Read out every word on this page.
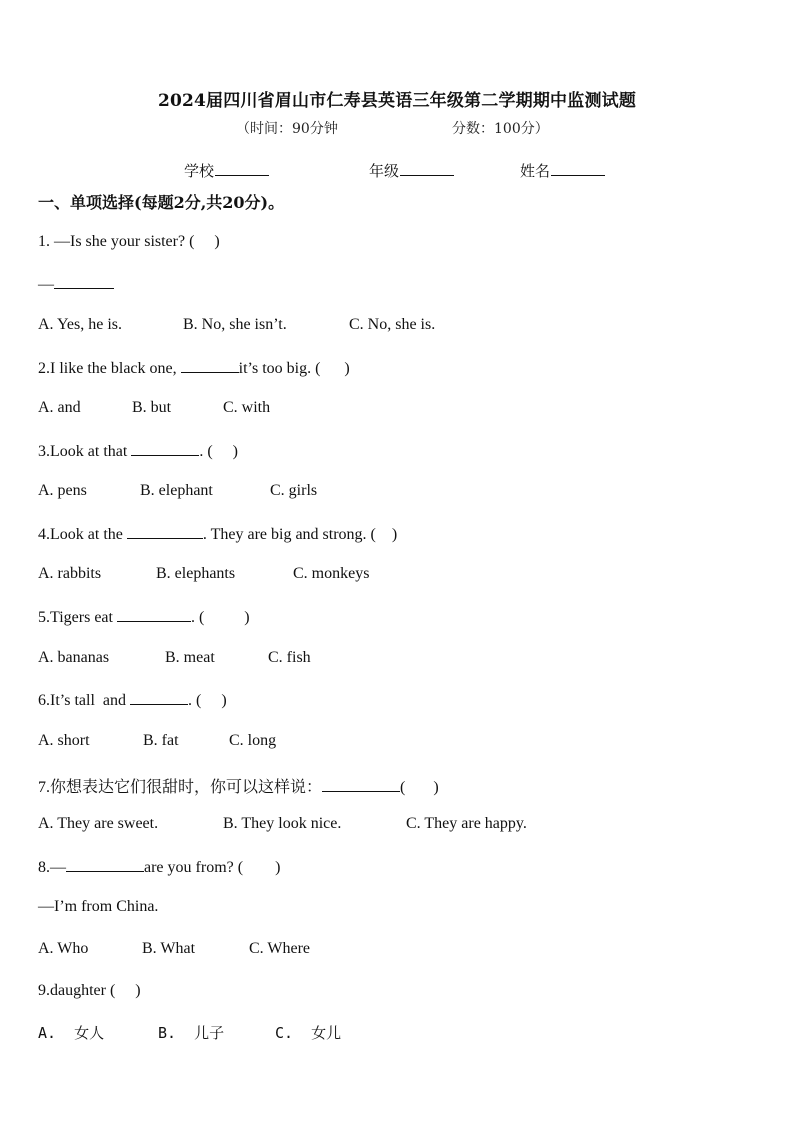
2024届四川省眉山市仁寿县英语三年级第二学期期中监测试题
（时间：90分钟	分数：100分）
学校	年级	姓名
一、单项选择(每题2分,共20分)。
1. —Is she your sister? (     )
—
A. Yes, he is.	B. No, she isn’t.	C. No, she is.
2.I like the black one,	it’s too big. (      )
A. and	B. but	C. with
3.Look at that	. (     )
A. pens	B. elephant	C. girls
4.Look at the	. They are big and strong. (    )
A. rabbits	B. elephants	C. monkeys
5.Tigers eat	. (          )
A. bananas	B. meat	C. fish
6.It’s tall  and	. (     )
A. short	B. fat	C. long
7.你想表达它们很甜时，你可以这样说：	(       )
A. They are sweet.	B. They look nice.	C. They are happy.
8.—	are you from? (        )
—I’m from China.
A. Who	B. What	C. Where
9.daughter (     )
A.  女人	B.  儿子	C.  女儿
